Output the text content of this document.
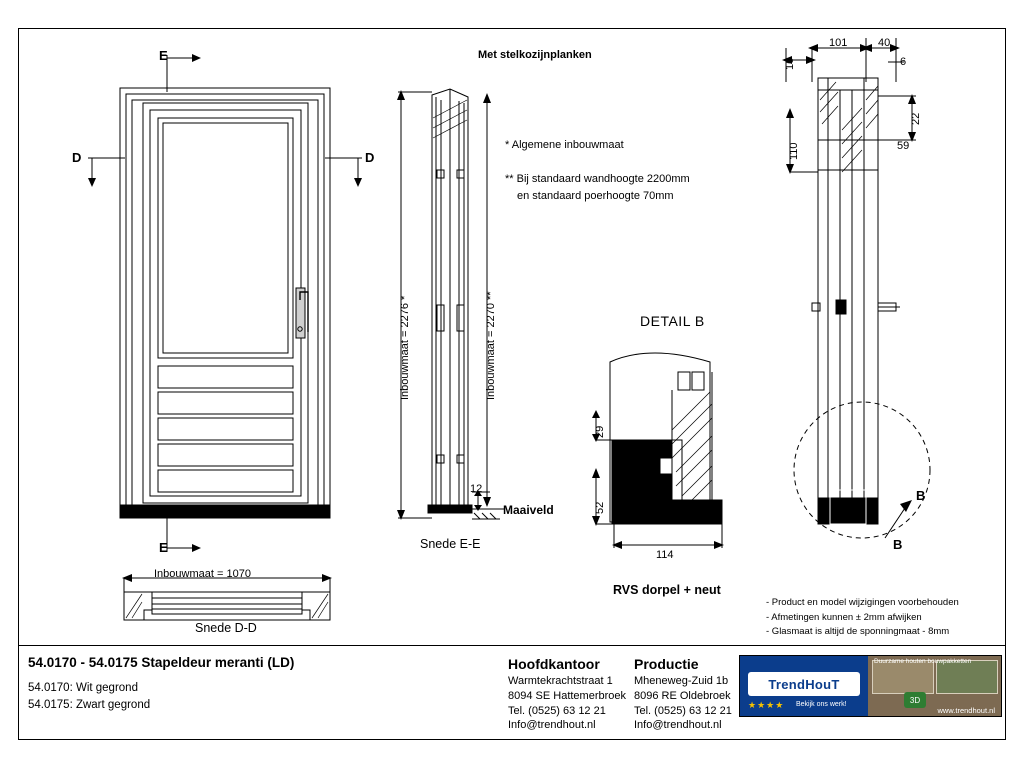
Met stelkozijnplanken
* Algemene inbouwmaat
** Bij standaard wandhoogte 2200mm
en standaard poerhoogte 70mm
E
E
D	D
B
B
Inbouwmaat = 2276 *	Inbouwmaat = 2270 **
12
Maaiveld
Snede E-E
Inbouwmaat = 1070
Snede D-D
DETAIL B
29
52
114
RVS dorpel + neut
16
101	40
6
22
110	59
- Product en model wijzigingen voorbehouden
- Afmetingen kunnen ± 2mm afwijken
- Glasmaat is altijd de sponningmaat - 8mm
54.0170 - 54.0175 Stapeldeur meranti (LD)
54.0170: Wit gegrond
54.0175: Zwart gegrond
Hoofdkantoor
Warmtekrachtstraat 1
8094 SE Hattemerbroek
Tel. (0525) 63 12 21
Info@trendhout.nl
Productie
Mheneweg-Zuid 1b
8096 RE Oldebroek
Tel. (0525) 63 12 21
Info@trendhout.nl
TrendHouT
★★★★ Bekijk ons werk!
Duurzame houten bouwpakketten
3D
www.trendhout.nl
